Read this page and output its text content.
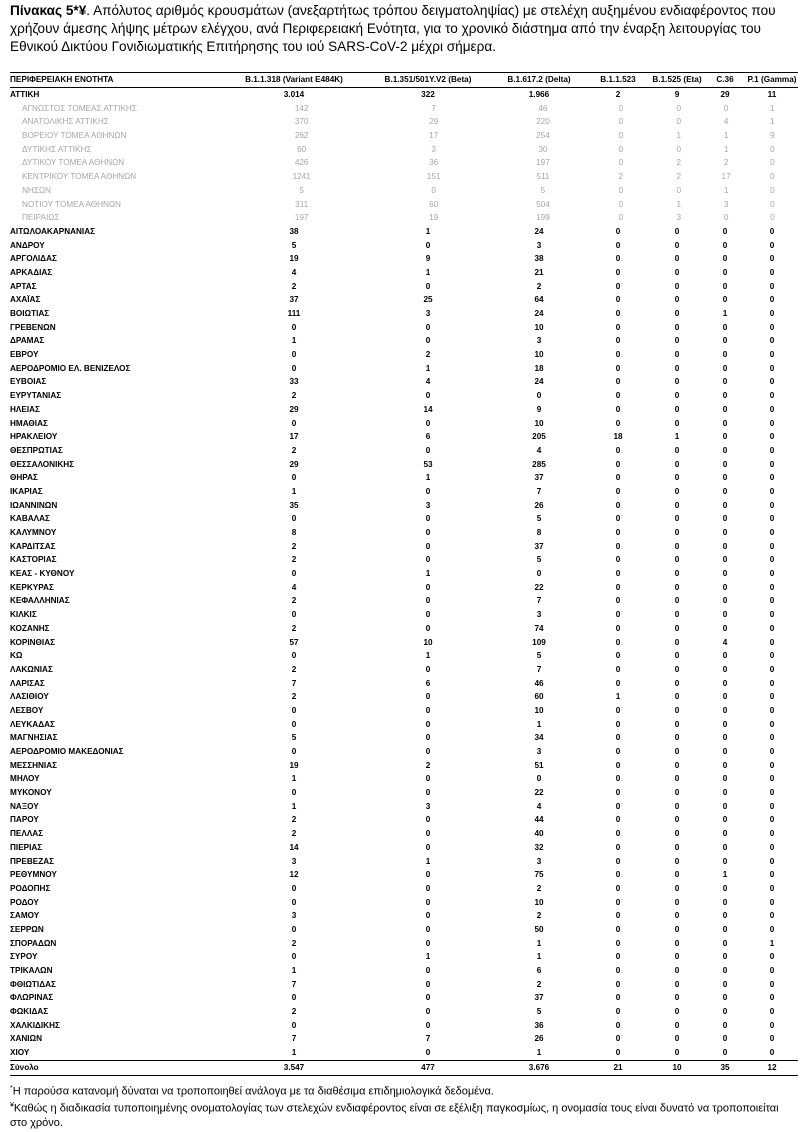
Πίνακας 5*¥. Απόλυτος αριθμός κρουσμάτων (ανεξαρτήτως τρόπου δειγματοληψίας) με στελέχη αυξημένου ενδιαφέροντος που χρήζουν άμεσης λήψης μέτρων ελέγχου, ανά Περιφερειακή Ενότητα, για το χρονικό διάστημα από την έναρξη λειτουργίας του Εθνικού Δικτύου Γονιδιωματικής Επιτήρησης του ιού SARS-CoV-2 μέχρι σήμερα.
ΠΕΡΙΦΕΡΕΙΑΚΗ ΕΝΟΤΗΤΑ	B.1.1.318 (Variant E484K)	B.1.351/501Y.V2 (Beta)	B.1.617.2 (Delta)	B.1.1.523	B.1.525 (Eta)	C.36	P.1 (Gamma)
ΑΤΤΙΚΗ	3.014	322	1.966	2	9	29	11
ΑΓΝΩΣΤΟΣ ΤΟΜΕΑΣ ΑΤΤΙΚΗΣ	142	7	46	0	0	0	1
ΑΝΑΤΟΛΙΚΗΣ ΑΤΤΙΚΗΣ	370	29	220	0	0	4	1
ΒΟΡΕΙΟΥ ΤΟΜΕΑ ΑΘΗΝΩΝ	262	17	254	0	1	1	9
ΔΥΤΙΚΗΣ ΑΤΤΙΚΗΣ	60	3	30	0	0	1	0
ΔΥΤΙΚΟΥ ΤΟΜΕΑ ΑΘΗΝΩΝ	426	36	197	0	2	2	0
ΚΕΝΤΡΙΚΟΥ ΤΟΜΕΑ ΑΘΗΝΩΝ	1241	151	511	2	2	17	0
ΝΗΣΩΝ	5	0	5	0	0	1	0
ΝΟΤΙΟΥ ΤΟΜΕΑ ΑΘΗΝΩΝ	311	60	504	0	1	3	0
ΠΕΙΡΑΙΩΣ	197	19	199	0	3	0	0
ΑΙΤΩΛΟΑΚΑΡΝΑΝΙΑΣ	38	1	24	0	0	0	0
ΑΝΔΡΟΥ	5	0	3	0	0	0	0
ΑΡΓΟΛΙΔΑΣ	19	9	38	0	0	0	0
ΑΡΚΑΔΙΑΣ	4	1	21	0	0	0	0
ΑΡΤΑΣ	2	0	2	0	0	0	0
ΑΧΑΪΑΣ	37	25	64	0	0	0	0
ΒΟΙΩΤΙΑΣ	111	3	24	0	0	1	0
ΓΡΕΒΕΝΩΝ	0	0	10	0	0	0	0
ΔΡΑΜΑΣ	1	0	3	0	0	0	0
ΕΒΡΟΥ	0	2	10	0	0	0	0
ΑΕΡΟΔΡΟΜΙΟ ΕΛ. ΒΕΝΙΖΕΛΟΣ	0	1	18	0	0	0	0
ΕΥΒΟΙΑΣ	33	4	24	0	0	0	0
ΕΥΡΥΤΑΝΙΑΣ	2	0	0	0	0	0	0
ΗΛΕΙΑΣ	29	14	9	0	0	0	0
ΗΜΑΘΙΑΣ	0	0	10	0	0	0	0
ΗΡΑΚΛΕΙΟΥ	17	6	205	18	1	0	0
ΘΕΣΠΡΩΤΙΑΣ	2	0	4	0	0	0	0
ΘΕΣΣΑΛΟΝΙΚΗΣ	29	53	285	0	0	0	0
ΘΗΡΑΣ	0	1	37	0	0	0	0
ΙΚΑΡΙΑΣ	1	0	7	0	0	0	0
ΙΩΑΝΝΙΝΩΝ	35	3	26	0	0	0	0
ΚΑΒΑΛΑΣ	0	0	5	0	0	0	0
ΚΑΛΥΜΝΟΥ	8	0	8	0	0	0	0
ΚΑΡΔΙΤΣΑΣ	2	0	37	0	0	0	0
ΚΑΣΤΟΡΙΑΣ	2	0	5	0	0	0	0
ΚΕΑΣ - ΚΥΘΝΟΥ	0	1	0	0	0	0	0
ΚΕΡΚΥΡΑΣ	4	0	22	0	0	0	0
ΚΕΦΑΛΛΗΝΙΑΣ	2	0	7	0	0	0	0
ΚΙΛΚΙΣ	0	0	3	0	0	0	0
ΚΟΖΑΝΗΣ	2	0	74	0	0	0	0
ΚΟΡΙΝΘΙΑΣ	57	10	109	0	0	4	0
ΚΩ	0	1	5	0	0	0	0
ΛΑΚΩΝΙΑΣ	2	0	7	0	0	0	0
ΛΑΡΙΣΑΣ	7	6	46	0	0	0	0
ΛΑΣΙΘΙΟΥ	2	0	60	1	0	0	0
ΛΕΣΒΟΥ	0	0	10	0	0	0	0
ΛΕΥΚΑΔΑΣ	0	0	1	0	0	0	0
ΜΑΓΝΗΣΙΑΣ	5	0	34	0	0	0	0
ΑΕΡΟΔΡΟΜΙΟ ΜΑΚΕΔΟΝΙΑΣ	0	0	3	0	0	0	0
ΜΕΣΣΗΝΙΑΣ	19	2	51	0	0	0	0
ΜΗΛΟΥ	1	0	0	0	0	0	0
ΜΥΚΟΝΟΥ	0	0	22	0	0	0	0
ΝΑΞΟΥ	1	3	4	0	0	0	0
ΠΑΡΟΥ	2	0	44	0	0	0	0
ΠΕΛΛΑΣ	2	0	40	0	0	0	0
ΠΙΕΡΙΑΣ	14	0	32	0	0	0	0
ΠΡΕΒΕΖΑΣ	3	1	3	0	0	0	0
ΡΕΘΥΜΝΟΥ	12	0	75	0	0	1	0
ΡΟΔΟΠΗΣ	0	0	2	0	0	0	0
ΡΟΔΟΥ	0	0	10	0	0	0	0
ΣΑΜΟΥ	3	0	2	0	0	0	0
ΣΕΡΡΩΝ	0	0	50	0	0	0	0
ΣΠΟΡΑΔΩΝ	2	0	1	0	0	0	1
ΣΥΡΟΥ	0	1	1	0	0	0	0
ΤΡΙΚΑΛΩΝ	1	0	6	0	0	0	0
ΦΘΙΩΤΙΔΑΣ	7	0	2	0	0	0	0
ΦΛΩΡΙΝΑΣ	0	0	37	0	0	0	0
ΦΩΚΙΔΑΣ	2	0	5	0	0	0	0
ΧΑΛΚΙΔΙΚΗΣ	0	0	36	0	0	0	0
ΧΑΝΙΩΝ	7	7	26	0	0	0	0
ΧΙΟΥ	1	0	1	0	0	0	0
Σύνολο	3.547	477	3.676	21	10	35	12
*Η παρούσα κατανομή δύναται να τροποποιηθεί ανάλογα με τα διαθέσιμα επιδημιολογικά δεδομένα.
¥Καθώς η διαδικασία τυποποιημένης ονοματολογίας των στελεχών ενδιαφέροντος είναι σε εξέλιξη παγκοσμίως, η ονομασία τους είναι δυνατό να τροποποιείται στο χρόνο.
